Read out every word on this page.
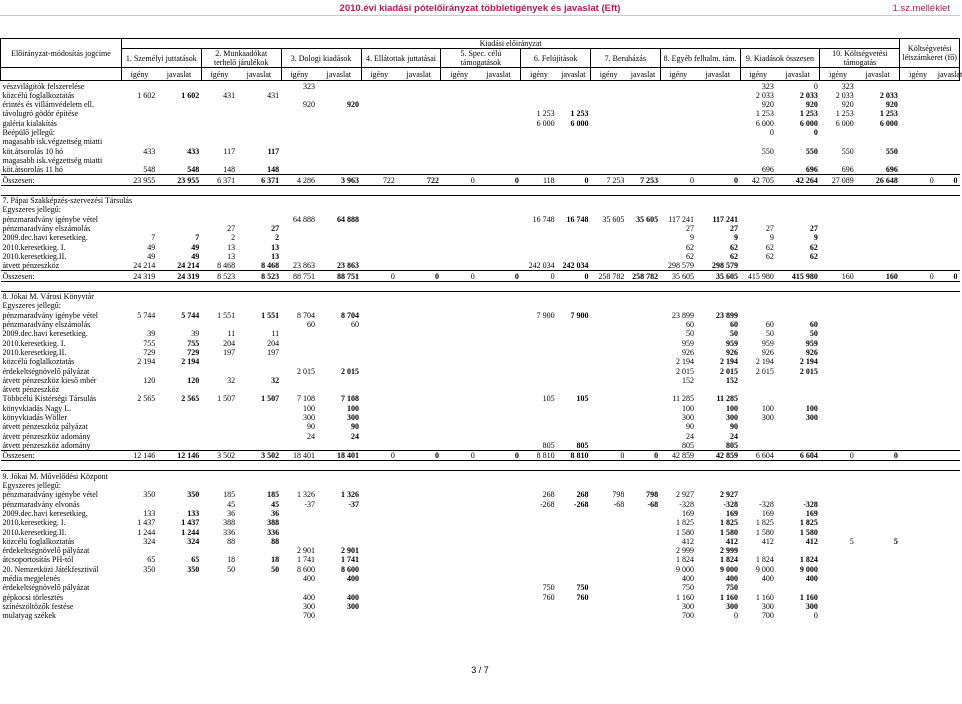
2010.évi kiadási pótelőirányzat többletigények és javaslat (Eft)	1.sz.melléklet
Előirányzat-módosítás jogcíme	Kiadási előirányzat																				Költségvetési létszámkeret (fő)	
	1. Személyi juttatások		2. Munkaadókat terhelő járulékok		3. Dologi kiadások		4. Ellátottak juttatásai		5. Spec. célú támogatások		6. Felújítások		7. Beruházás		8. Egyéb felhalm. tám.		9. Kiadások összesen		10. Költségvetési támogatás			
	igény	javaslat	igény	javaslat	igény	javaslat	igény	javaslat	igény	javaslat	igény	javaslat	igény	javaslat	igény	javaslat	igény	javaslat	igény	javaslat	igény	javaslat
vészvilágítók felszerelése					323												323	0	323			
közcélú foglalkoztatás	1 602	1 602	431	431													2 033	2 033	2 033	2 033		
érintés és villámvédelem ell.					920	920											920	920	920	920		
távolugró gödör építése											1 253	1 253					1 253	1 253	1 253	1 253		
galéria kialakítás											6 000	6 000					6 000	6 000	6 000	6 000		
Beépülő jellegű:																	0	0				
magasabb isk.végzettség miatti																						
köt.átsorolás 10 hó	433	433	117	117													550	550	550	550		
magasabb isk.végzettség miatti																						
köt.átsorolás 11 hó	548	548	148	148													696	696	696	696		
Összesen:	23 955	23 955	6 371	6 371	4 286	3 963	722	722	0	0	118	0	7 253	7 253	0	0	42 705	42 264	27 089	26 648	0	0

7. Pápai Szakképzés-szervezési Társulás																						
Egyszeres jellegű:																						
pénzmaradvány igénybe vétel					64 888	64 888					16 748	16 748	35 605	35 605	117 241	117 241						
pénzmaradvány elszámolás			27	27											27	27	27	27				
2009.dec.havi keresetkieg.	7	7	2	2											9	9	9	9				
2010.keresetkieg. I.	49	49	13	13											62	62	62	62				
2010.keresetkieg.II.	49	49	13	13											62	62	62	62				
átvett pénzeszköz	24 214	24 214	8 468	8 468	23 863	23 863					242 034	242 034			298 579	298 579						
Összesen:	24 319	24 319	8 523	8 523	88 751	88 751	0	0	0	0	0	0	258 782	258 782	35 605	35 605	415 980	415 980	160	160	0	0

8. Jókai M. Városi Könyvtár																						
Egyszeres jellegű:																						
pénzmaradvány igénybe vétel	5 744	5 744	1 551	1 551	8 704	8 704					7 900	7 900			23 899	23 899						
pénzmaradvány elszámolás					60	60									60	60	60	60				
2009.dec.havi keresetkieg.	39	39	11	11											50	50	50	50				
2010.keresetkieg. I.	755	755	204	204											959	959	959	959				
2010.keresetkieg.II.	729	729	197	197											926	926	926	926				
közcélú foglalkoztatás	2 194	2 194													2 194	2 194	2 194	2 194				
érdekeltségnövelő pályázat					2 015	2 015									2 015	2 015	2 015	2 015				
átvett pénzeszköz kieső mbér	120	120	32	32											152	152						
átvett pénzeszköz																						
Többcélú Kistérségi Társulás	2 565	2 565	1 507	1 507	7 108	7 108					105	105			11 285	11 285						
könyvkiadás Nagy L.					100	100									100	100	100	100				
könyvkiadás Wöller					300	300									300	300	300	300				
átvett pénzeszköz pályázat					90	90									90	90						
átvett pénzeszköz adomány					24	24									24	24						
átvett pénzeszköz adomány											805	805			805	805						
Összesen:	12 146	12 146	3 502	3 502	18 401	18 401	0	0	0	0	8 810	8 810	0	0	42 859	42 859	6 604	6 604	0	0		

9. Jókai M. Művelődési Központ																						
Egyszeres jellegű:																						
pénzmaradvány igénybe vétel	350	350	185	185	1 326	1 326					268	268	798	798	2 927	2 927						
pénzmaradvány elvonás			45	45	-37	-37					-268	-268	-68	-68	-328	-328	-328	-328				
2009.dec.havi keresetkieg.	133	133	36	36											169	169	169	169				
2010.keresetkieg. I.	1 437	1 437	388	388											1 825	1 825	1 825	1 825				
2010.keresetkieg.II.	1 244	1 244	336	336											1 580	1 580	1 580	1 580				
közcélú foglalkoztatás	324	324	88	88											412	412	412	412	5	5		
érdekeltségnövelő pályázat					2 901	2 901									2 999	2 999						
átcsoportosítás PH-tól	65	65	18	18	1 741	1 741									1 824	1 824	1 824	1 824				
20. Nemzetközi Játékfesztivál	350	350	50	50	8 600	8 600									9 000	9 000	9 000	9 000				
média megjelenés					400	400									400	400	400	400				
érdekeltségnövelő pályázat											750	750			750	750						
gépkocsi törlesztés					400	400					760	760			1 160	1 160	1 160	1 160				
színészöltözők festése					300	300									300	300	300	300				
mulatyag székek					700										700	0	700	0				
3 / 7
